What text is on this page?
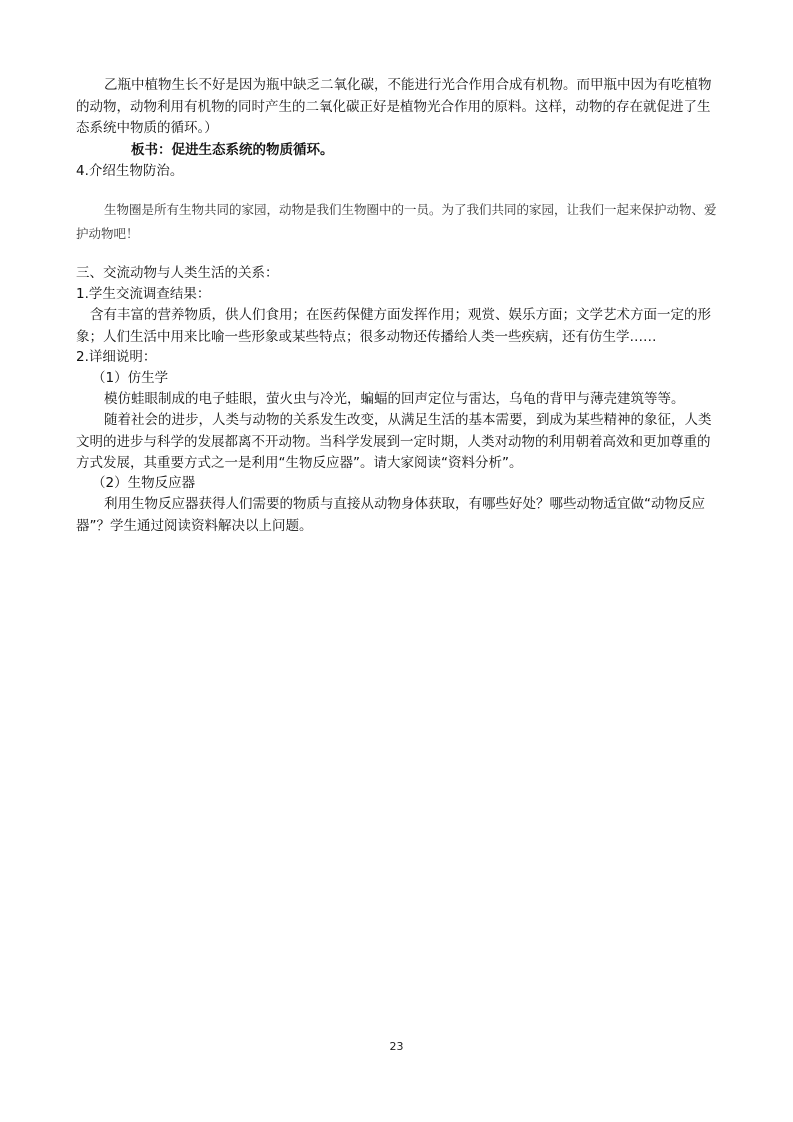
乙瓶中植物生长不好是因为瓶中缺乏二氧化碳，不能进行光合作用合成有机物。而甲瓶中因为有吃植物的动物，动物利用有机物的同时产生的二氧化碳正好是植物光合作用的原料。这样，动物的存在就促进了生态系统中物质的循环。）

板书：促进生态系统的物质循环。

4.介绍生物防治。

生物圈是所有生物共同的家园，动物是我们生物圈中的一员。为了我们共同的家园，让我们一起来保护动物、爱护动物吧！

三、交流动物与人类生活的关系：

1.学生交流调查结果：

含有丰富的营养物质，供人们食用；在医药保健方面发挥作用；观赏、娱乐方面；文学艺术方面一定的形象；人们生活中用来比喻一些形象或某些特点；很多动物还传播给人类一些疾病，还有仿生学……

2.详细说明：

（1）仿生学

模仿蛙眼制成的电子蛙眼，萤火虫与冷光，蝙蝠的回声定位与雷达，乌龟的背甲与薄壳建筑等等。

随着社会的进步，人类与动物的关系发生改变，从满足生活的基本需要，到成为某些精神的象征，人类文明的进步与科学的发展都离不开动物。当科学发展到一定时期，人类对动物的利用朝着高效和更加尊重的方式发展，其重要方式之一是利用“生物反应器”。请大家阅读“资料分析”。

（2）生物反应器

利用生物反应器获得人们需要的物质与直接从动物身体获取，有哪些好处？哪些动物适宜做“动物反应器”？学生通过阅读资料解决以上问题。

23
